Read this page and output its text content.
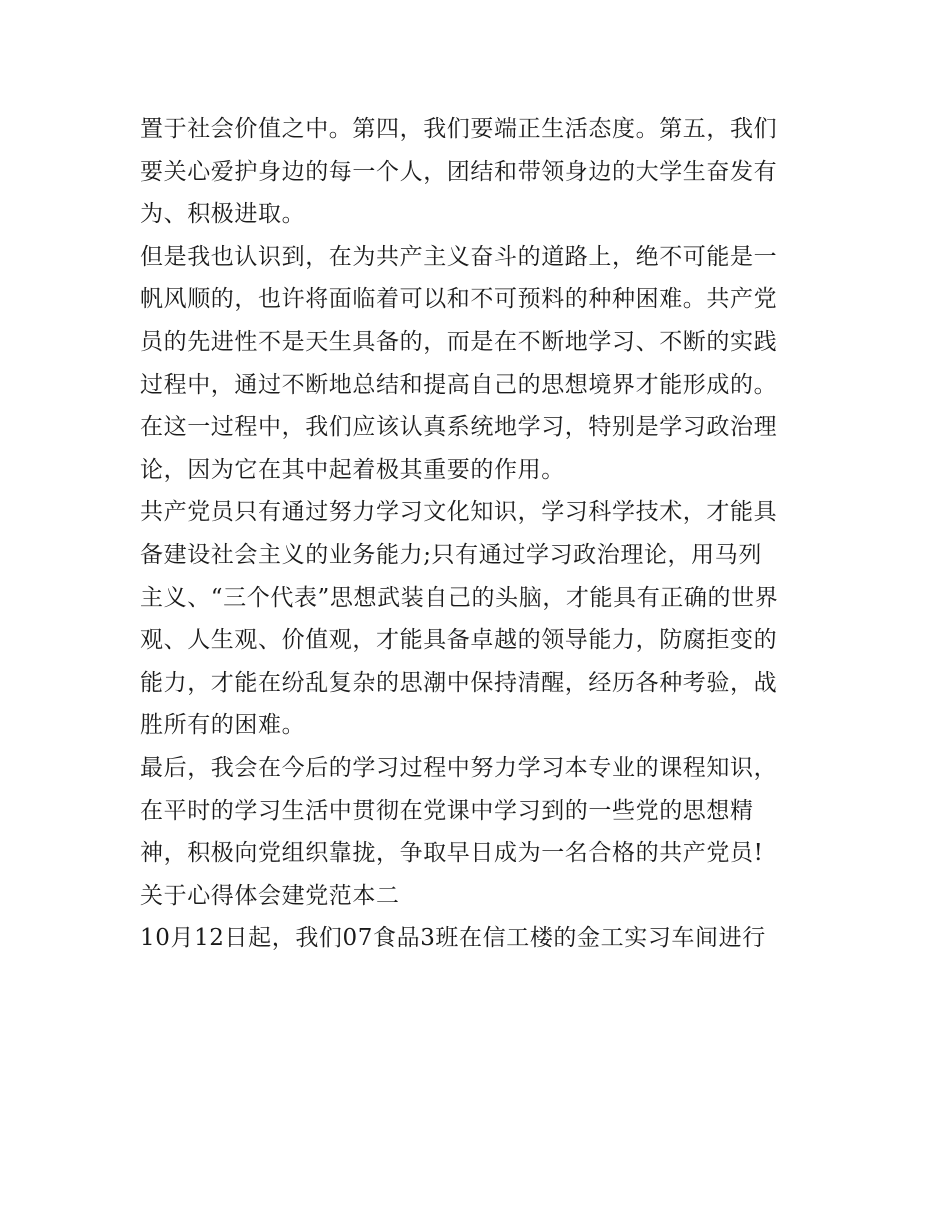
置于社会价值之中。第四，我们要端正生活态度。第五，我们
要关心爱护身边的每一个人，团结和带领身边的大学生奋发有
为、积极进取。
但是我也认识到，在为共产主义奋斗的道路上，绝不可能是一
帆风顺的，也许将面临着可以和不可预料的种种困难。共产党
员的先进性不是天生具备的，而是在不断地学习、不断的实践
过程中，通过不断地总结和提高自己的思想境界才能形成的。
在这一过程中，我们应该认真系统地学习，特别是学习政治理
论，因为它在其中起着极其重要的作用。
共产党员只有通过努力学习文化知识，学习科学技术，才能具
备建设社会主义的业务能力;只有通过学习政治理论，用马列
主义、“三个代表”思想武装自己的头脑，才能具有正确的世界
观、人生观、价值观，才能具备卓越的领导能力，防腐拒变的
能力，才能在纷乱复杂的思潮中保持清醒，经历各种考验，战
胜所有的困难。
最后，我会在今后的学习过程中努力学习本专业的课程知识，
在平时的学习生活中贯彻在党课中学习到的一些党的思想精
神，积极向党组织靠拢，争取早日成为一名合格的共产党员!
关于心得体会建党范本二
10月12日起，我们07食品3班在信工楼的金工实习车间进行
